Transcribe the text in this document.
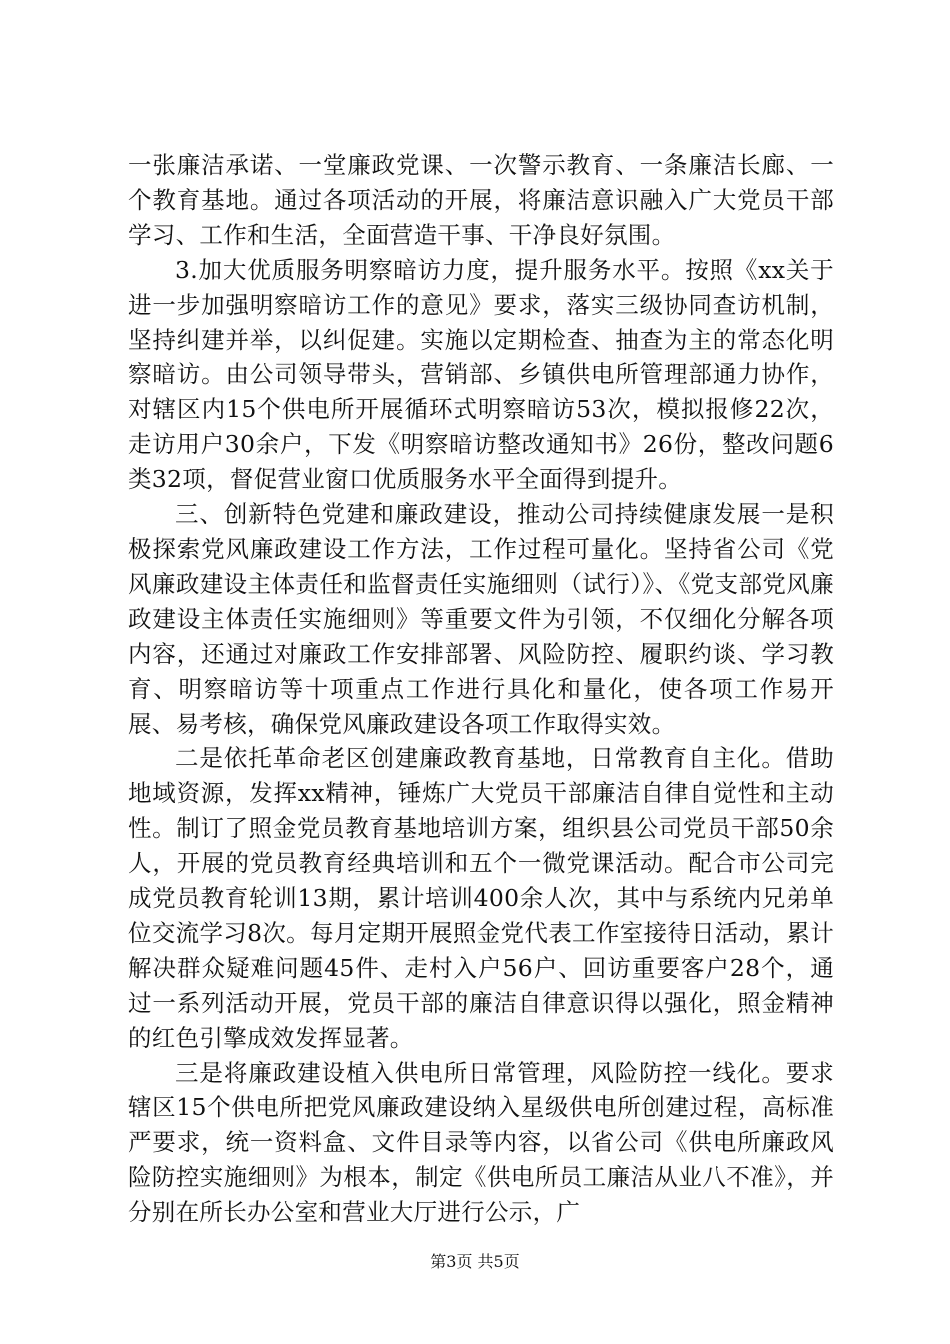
一张廉洁承诺、一堂廉政党课、一次警示教育、一条廉洁长廊、一个教育基地。通过各项活动的开展，将廉洁意识融入广大党员干部学习、工作和生活，全面营造干事、干净良好氛围。

3.加大优质服务明察暗访力度，提升服务水平。按照《xx关于进一步加强明察暗访工作的意见》要求，落实三级协同查访机制，坚持纠建并举，以纠促建。实施以定期检查、抽查为主的常态化明察暗访。由公司领导带头，营销部、乡镇供电所管理部通力协作，对辖区内15个供电所开展循环式明察暗访53次，模拟报修22次，走访用户30余户，下发《明察暗访整改通知书》26份，整改问题6类32项，督促营业窗口优质服务水平全面得到提升。

三、创新特色党建和廉政建设，推动公司持续健康发展一是积极探索党风廉政建设工作方法，工作过程可量化。坚持省公司《党风廉政建设主体责任和监督责任实施细则（试行）》、《党支部党风廉政建设主体责任实施细则》等重要文件为引领，不仅细化分解各项内容，还通过对廉政工作安排部署、风险防控、履职约谈、学习教育、明察暗访等十项重点工作进行具化和量化，使各项工作易开展、易考核，确保党风廉政建设各项工作取得实效。

二是依托革命老区创建廉政教育基地，日常教育自主化。借助地域资源，发挥xx精神，锤炼广大党员干部廉洁自律自觉性和主动性。制订了照金党员教育基地培训方案，组织县公司党员干部50余人，开展的党员教育经典培训和五个一微党课活动。配合市公司完成党员教育轮训13期，累计培训400余人次，其中与系统内兄弟单位交流学习8次。每月定期开展照金党代表工作室接待日活动，累计解决群众疑难问题45件、走村入户56户、回访重要客户28个，通过一系列活动开展，党员干部的廉洁自律意识得以强化，照金精神的红色引擎成效发挥显著。

三是将廉政建设植入供电所日常管理，风险防控一线化。要求辖区15个供电所把党风廉政建设纳入星级供电所创建过程，高标准严要求，统一资料盒、文件目录等内容，以省公司《供电所廉政风险防控实施细则》为根本，制定《供电所员工廉洁从业八不准》，并分别在所长办公室和营业大厅进行公示，广

第3页 共5页
